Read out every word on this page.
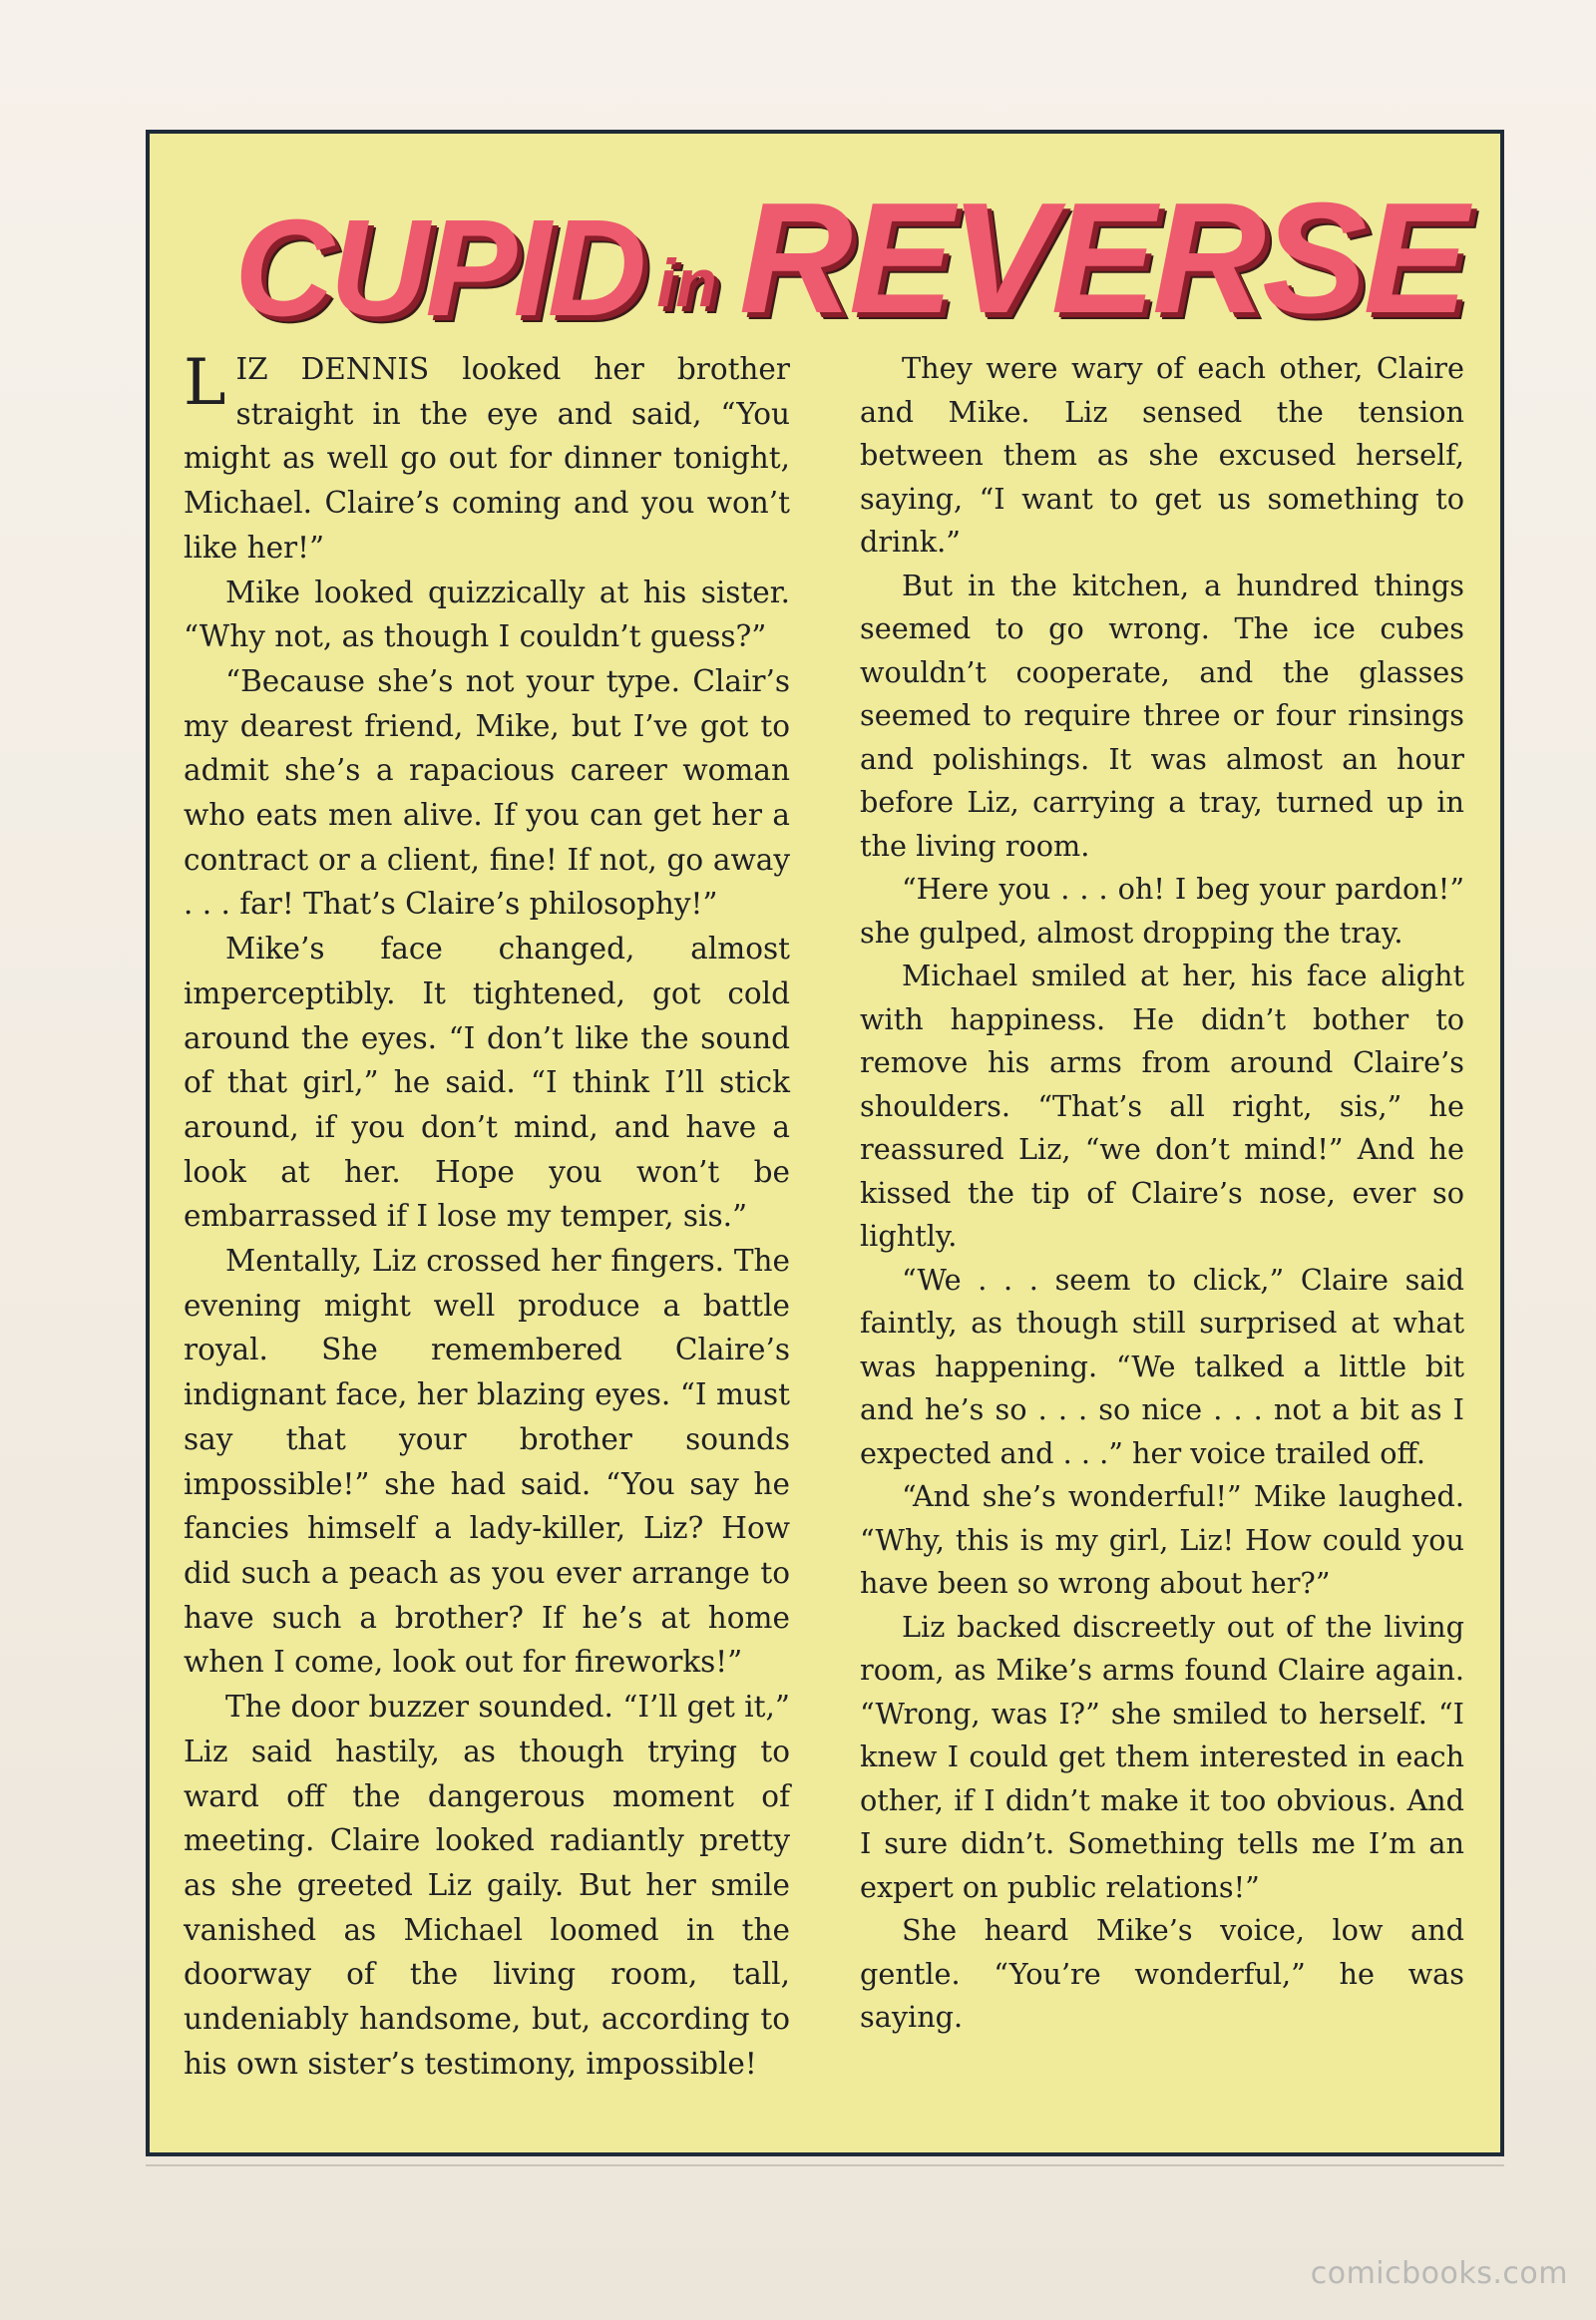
CUPID in REVERSE

LIZ DENNIS looked her brother straight in the eye and said, “You might as well go out for dinner tonight, Michael. Claire’s coming and you won’t like her!”

Mike looked quizzically at his sister. “Why not, as though I couldn’t guess?”

“Because she’s not your type. Clair’s my dearest friend, Mike, but I’ve got to admit she’s a rapacious career woman who eats men alive. If you can get her a contract or a client, fine! If not, go away . . . far! That’s Claire’s philosophy!”

Mike’s face changed, almost imperceptibly. It tightened, got cold around the eyes. “I don’t like the sound of that girl,” he said. “I think I’ll stick around, if you don’t mind, and have a look at her. Hope you won’t be embarrassed if I lose my temper, sis.”

Mentally, Liz crossed her fingers. The evening might well produce a battle royal. She remembered Claire’s indignant face, her blazing eyes. “I must say that your brother sounds impossible!” she had said. “You say he fancies himself a lady-killer, Liz? How did such a peach as you ever arrange to have such a brother? If he’s at home when I come, look out for fireworks!”

The door buzzer sounded. “I’ll get it,” Liz said hastily, as though trying to ward off the dangerous moment of meeting. Claire looked radiantly pretty as she greeted Liz gaily. But her smile vanished as Michael loomed in the doorway of the living room, tall, undeniably handsome, but, according to his own sister’s testimony, impossible!

They were wary of each other, Claire and Mike. Liz sensed the tension between them as she excused herself, saying, “I want to get us something to drink.”

But in the kitchen, a hundred things seemed to go wrong. The ice cubes wouldn’t cooperate, and the glasses seemed to require three or four rinsings and polishings. It was almost an hour before Liz, carrying a tray, turned up in the living room.

“Here you . . . oh! I beg your pardon!” she gulped, almost dropping the tray.

Michael smiled at her, his face alight with happiness. He didn’t bother to remove his arms from around Claire’s shoulders. “That’s all right, sis,” he reassured Liz, “we don’t mind!” And he kissed the tip of Claire’s nose, ever so lightly.

“We . . . seem to click,” Claire said faintly, as though still surprised at what was happening. “We talked a little bit and he’s so . . . so nice . . . not a bit as I expected and . . .” her voice trailed off.

“And she’s wonderful!” Mike laughed. “Why, this is my girl, Liz! How could you have been so wrong about her?”

Liz backed discreetly out of the living room, as Mike’s arms found Claire again. “Wrong, was I?” she smiled to herself. “I knew I could get them interested in each other, if I didn’t make it too obvious. And I sure didn’t. Something tells me I’m an expert on public relations!”

She heard Mike’s voice, low and gentle. “You’re wonderful,” he was saying.

comicbooks.com
